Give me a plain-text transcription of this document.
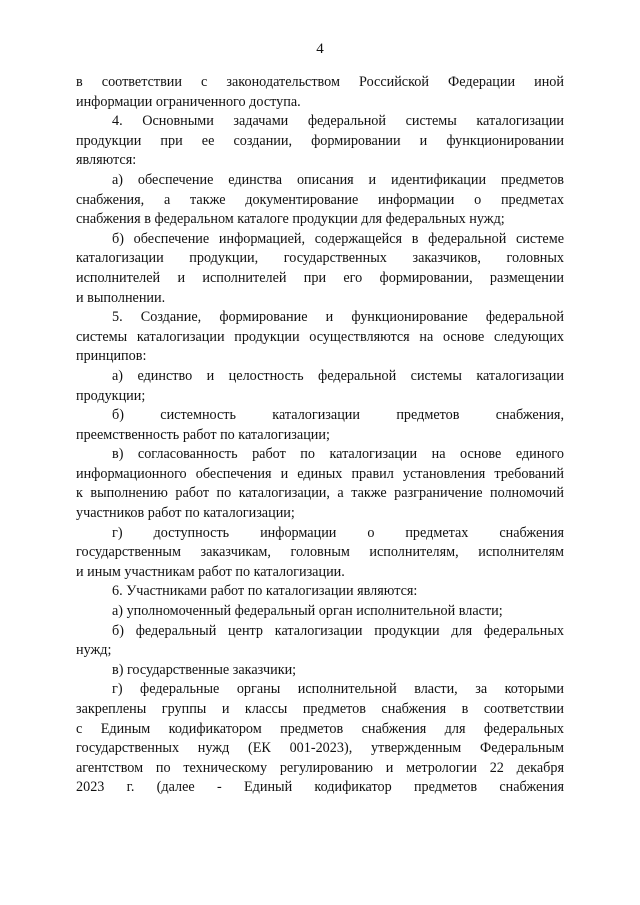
4
в соответствии с законодательством Российской Федерации иной
информации ограниченного доступа.
4. Основными задачами федеральной системы каталогизации
продукции при ее создании, формировании и функционировании
являются:
а) обеспечение единства описания и идентификации предметов
снабжения, а также документирование информации о предметах
снабжения в федеральном каталоге продукции для федеральных нужд;
б) обеспечение информацией, содержащейся в федеральной системе
каталогизации продукции, государственных заказчиков, головных
исполнителей и исполнителей при его формировании, размещении
и выполнении.
5. Создание, формирование и функционирование федеральной
системы каталогизации продукции осуществляются на основе следующих
принципов:
а) единство и целостность федеральной системы каталогизации
продукции;
б) системность каталогизации предметов снабжения,
преемственность работ по каталогизации;
в) согласованность работ по каталогизации на основе единого
информационного обеспечения и единых правил установления требований
к выполнению работ по каталогизации, а также разграничение полномочий
участников работ по каталогизации;
г) доступность информации о предметах снабжения
государственным заказчикам, головным исполнителям, исполнителям
и иным участникам работ по каталогизации.
6. Участниками работ по каталогизации являются:
а) уполномоченный федеральный орган исполнительной власти;
б) федеральный центр каталогизации продукции для федеральных
нужд;
в) государственные заказчики;
г) федеральные органы исполнительной власти, за которыми
закреплены группы и классы предметов снабжения в соответствии
с Единым кодификатором предметов снабжения для федеральных
государственных нужд (ЕК 001-2023), утвержденным Федеральным
агентством по техническому регулированию и метрологии 22 декабря
2023 г. (далее - Единый кодификатор предметов снабжения
